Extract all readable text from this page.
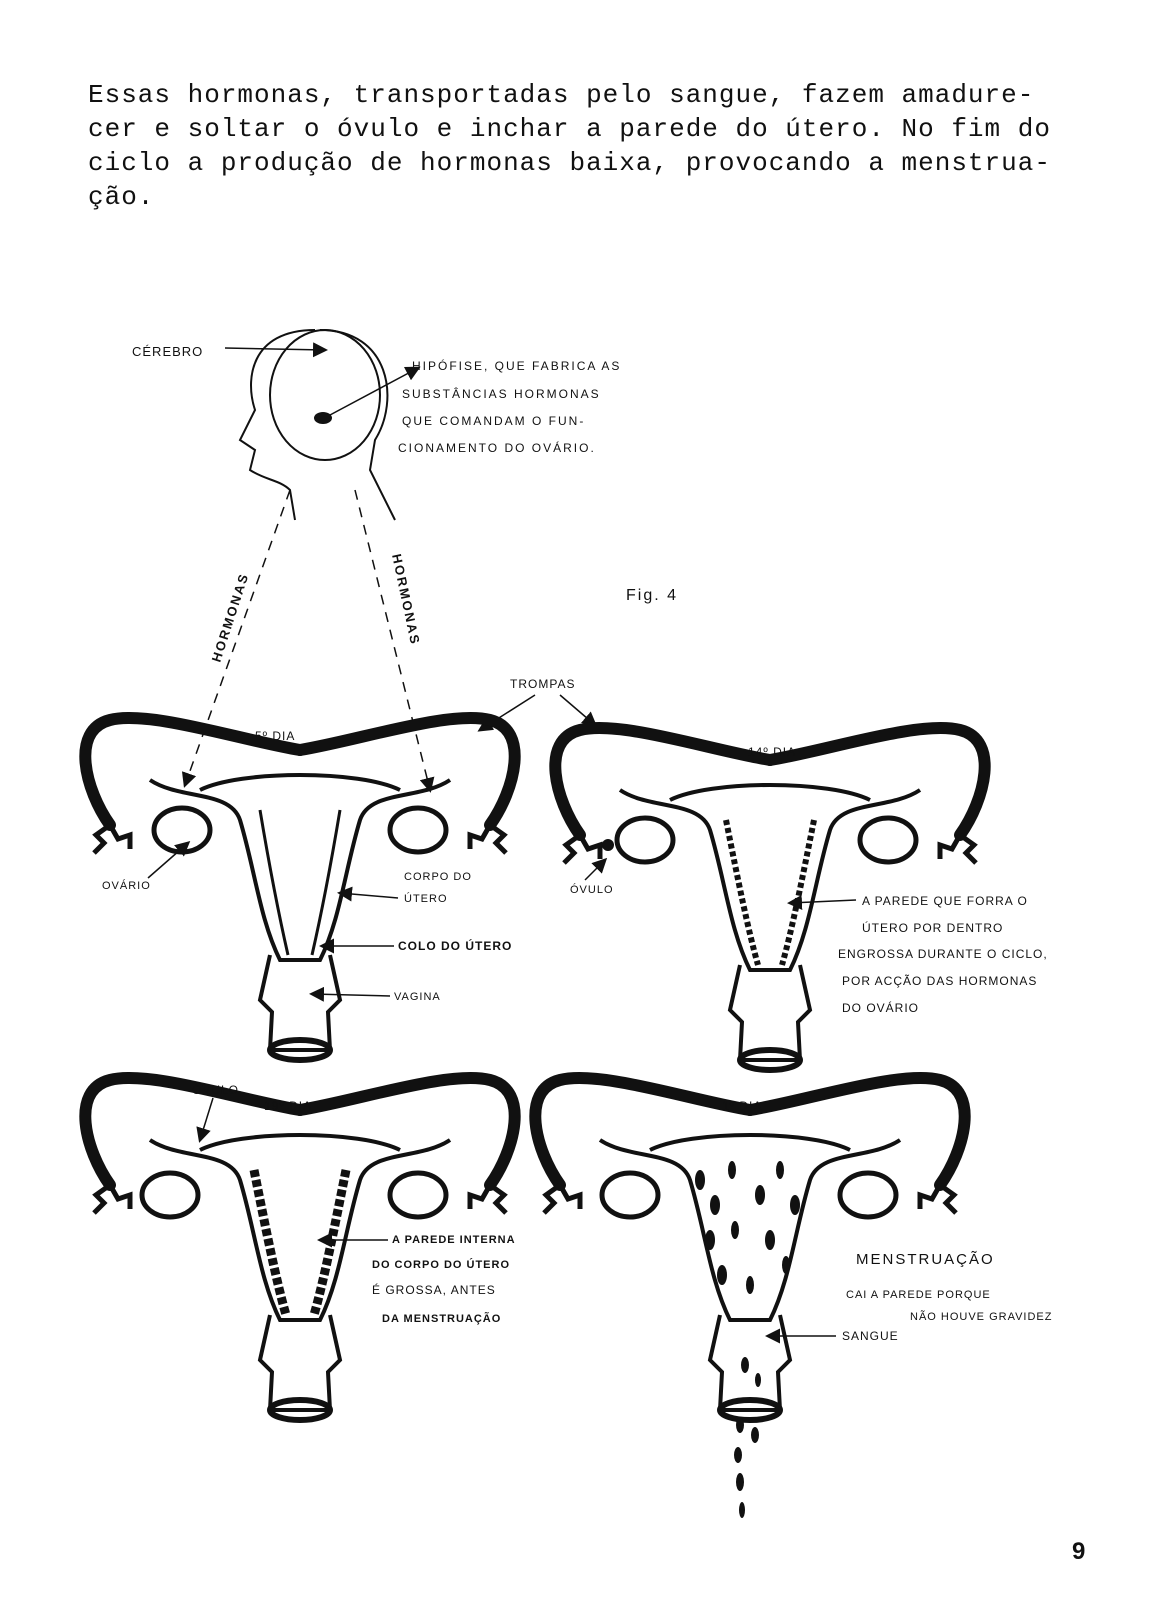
Essas hormonas, transportadas pelo sangue, fazem amadure-
cer e soltar o óvulo e inchar a parede do útero. No fim do
ciclo a produção de hormonas baixa, provocando a menstrua-
ção.
CÉREBRO
HIPÓFISE, QUE FABRICA AS
SUBSTÂNCIAS HORMONAS
QUE COMANDAM O FUN-
CIONAMENTO DO OVÁRIO.
HORMONAS	HORMONAS	Fig. 4
TROMPAS
5º DIA
OVÁRIO
CORPO DO
ÚTERO
COLO DO ÚTERO
VAGINA
14º DIA
ÓVULO
A PAREDE QUE FORRA O
ÚTERO POR DENTRO
ENGROSSA DURANTE O CICLO,
POR ACÇÃO DAS HORMONAS
DO OVÁRIO
ÓVULO
19º DIA
A PAREDE INTERNA
DO CORPO DO ÚTERO
É GROSSA, ANTES
DA MENSTRUAÇÃO
1º DIA
MENSTRUAÇÃO
CAI A PAREDE PORQUE
NÃO HOUVE GRAVIDEZ
SANGUE
9
